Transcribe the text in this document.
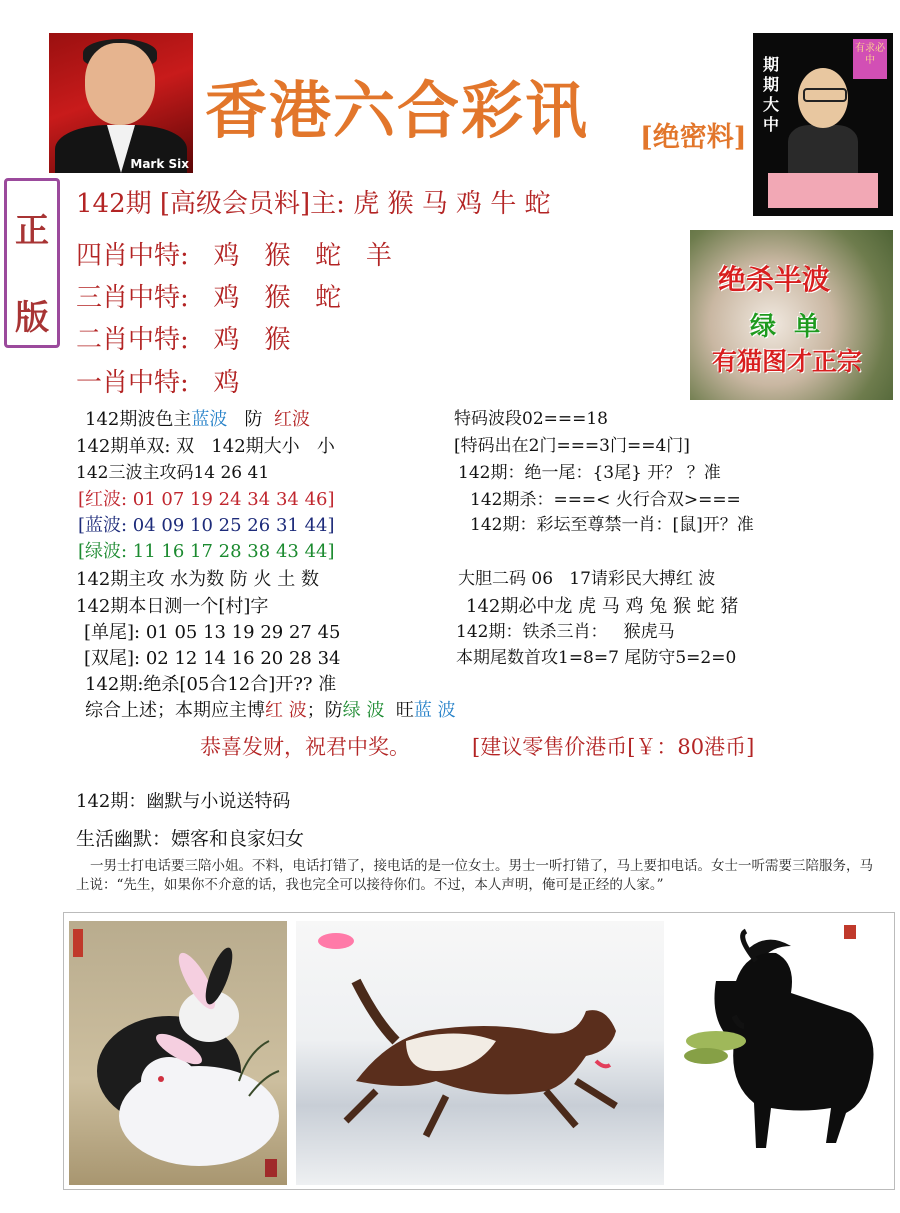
Mark Six
香港六合彩讯 [绝密料]
期期大中
有求必中
正
版
142期 [高级会员料]主: 虎 猴 马 鸡 牛 蛇
四肖中特:   鸡   猴   蛇   羊
三肖中特:   鸡   猴   蛇
二肖中特:   鸡   猴
一肖中特:   鸡
绝杀半波
绿  单
有猫图才正宗
142期波色主蓝波   防  红波
142期单双: 双   142期大小   小
142三波主攻码14 26 41
[红波: 01 07 19 24 34 34 46]
[蓝波: 04 09 10 25 26 31 44]
[绿波: 11 16 17 28 38 43 44]
142期主攻 水为数 防 火 土 数
142期本日测一个[村]字
[单尾]: 01 05 13 19 29 27 45
[双尾]: 02 12 14 16 20 28 34
142期:绝杀[05合12合]开?? 准
综合上述；本期应主博红 波；防绿 波  旺蓝 波
特码波段02===18
[特码出在2门===3门==4门]
142期：绝一尾：{3尾} 开？ ？准
142期杀：===< 火行合双>===
142期：彩坛至尊禁一肖：[鼠]开？准
大胆二码 06   17请彩民大搏红 波
142期必中龙 虎 马 鸡 兔 猴 蛇 猪
142期：铁杀三肖：   猴虎马
本期尾数首攻1=8=7 尾防守5=2=0
恭喜发财，祝君中奖。	[建议零售价港币[￥：80港币]
142期：幽默与小说送特码
生活幽默：嫖客和良家妇女
一男士打电话要三陪小姐。不料，电话打错了，接电话的是一位女士。男士一听打错了，马上要扣电话。女士一听需要三陪服务，马上说：“先生，如果你不介意的话，我也完全可以接待你们。不过，本人声明，俺可是正经的人家。”
